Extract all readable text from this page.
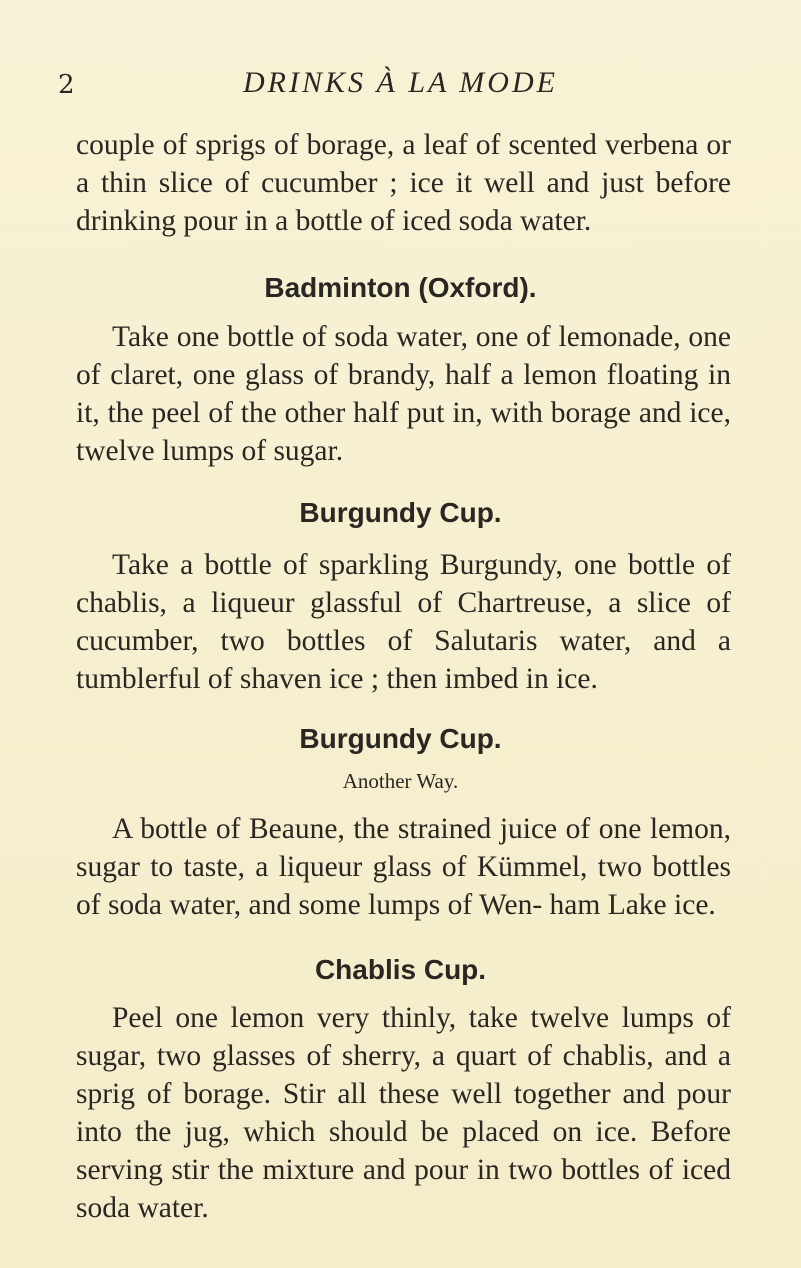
2	DRINKS À LA MODE

couple of sprigs of borage, a leaf of scented verbena or a thin slice of cucumber ; ice it well and just before drinking pour in a bottle of iced soda water.

Badminton (Oxford).

Take one bottle of soda water, one of lemonade, one of claret, one glass of brandy, half a lemon floating in it, the peel of the other half put in, with borage and ice, twelve lumps of sugar.

Burgundy Cup.

Take a bottle of sparkling Burgundy, one bottle of chablis, a liqueur glassful of Chartreuse, a slice of cucumber, two bottles of Salutaris water, and a tumblerful of shaven ice ; then imbed in ice.

Burgundy Cup.

Another Way.

A bottle of Beaune, the strained juice of one lemon, sugar to taste, a liqueur glass of Kümmel, two bottles of soda water, and some lumps of Wen- ham Lake ice.

Chablis Cup.

Peel one lemon very thinly, take twelve lumps of sugar, two glasses of sherry, a quart of chablis, and a sprig of borage. Stir all these well together and pour into the jug, which should be placed on ice. Before serving stir the mixture and pour in two bottles of iced soda water.
